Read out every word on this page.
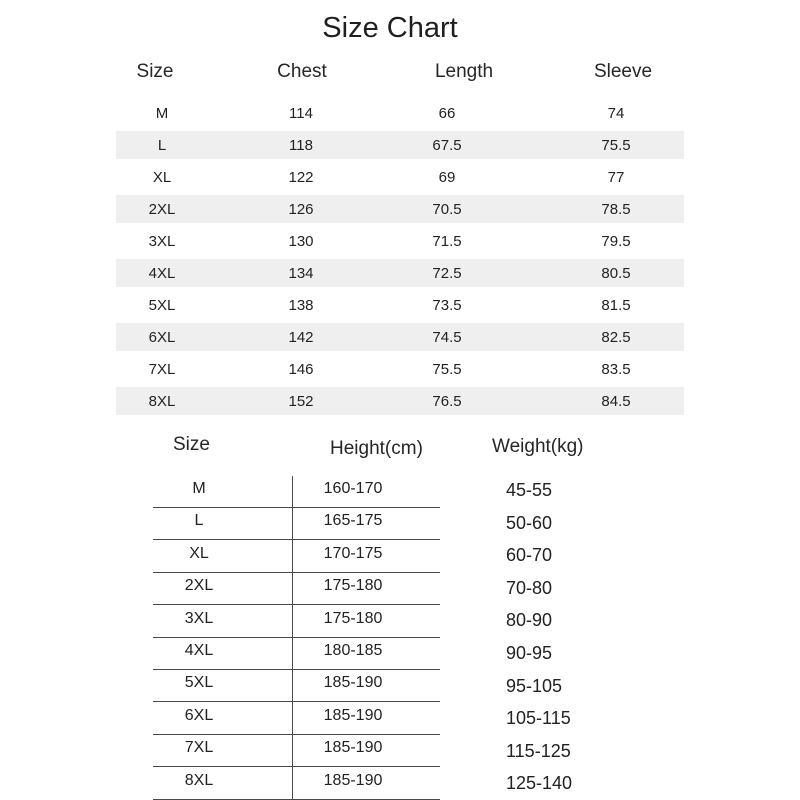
Size Chart
Size	Chest	Length	Sleeve
M	114	66	74
L	118	67.5	75.5
XL	122	69	77
2XL	126	70.5	78.5
3XL	130	71.5	79.5
4XL	134	72.5	80.5
5XL	138	73.5	81.5
6XL	142	74.5	82.5
7XL	146	75.5	83.5
8XL	152	76.5	84.5
Size	Height(cm)	Weight(kg)
M	160-170	45-55
L	165-175	50-60
XL	170-175	60-70
2XL	175-180	70-80
3XL	175-180	80-90
4XL	180-185	90-95
5XL	185-190	95-105
6XL	185-190	105-115
7XL	185-190	115-125
8XL	185-190	125-140
